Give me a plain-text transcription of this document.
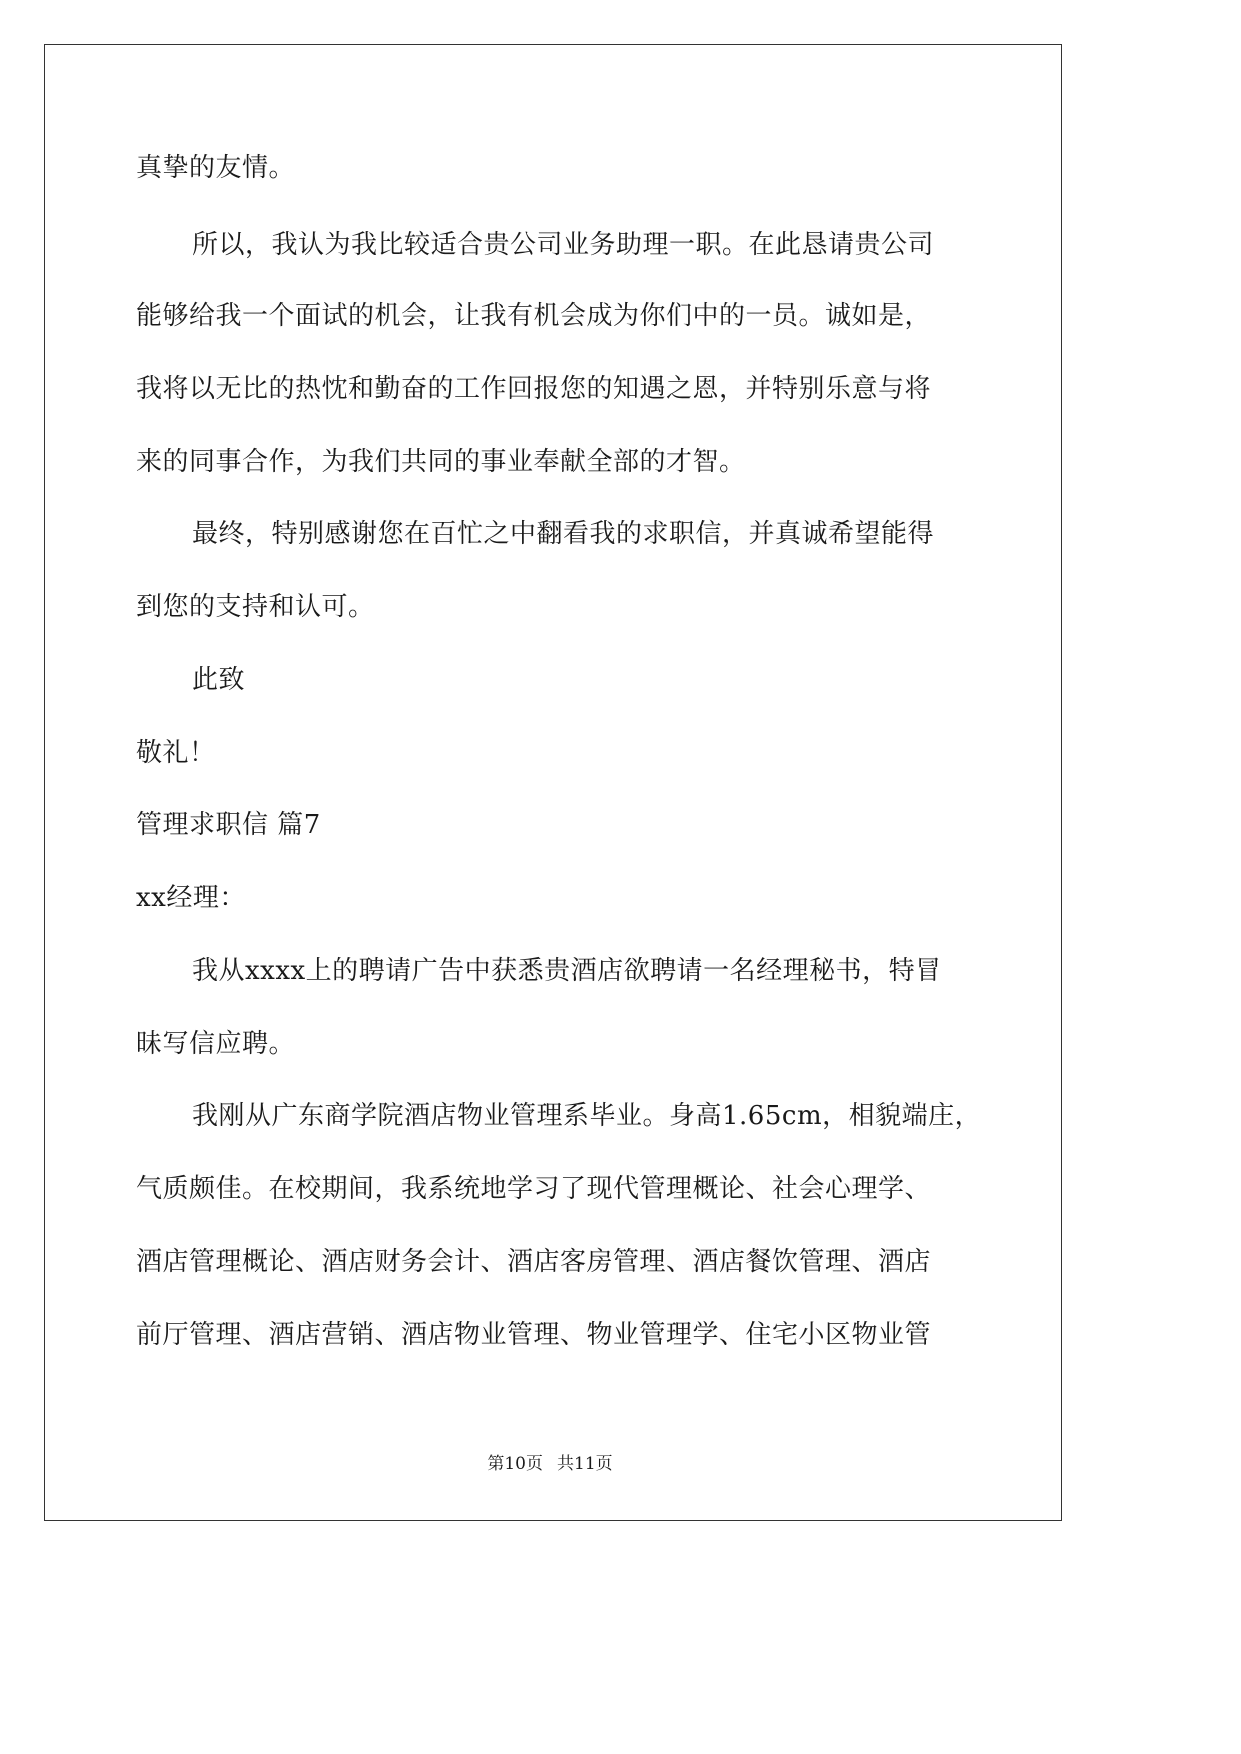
真挚的友情。
所以，我认为我比较适合贵公司业务助理一职。在此恳请贵公司
能够给我一个面试的机会，让我有机会成为你们中的一员。诚如是，
我将以无比的热忱和勤奋的工作回报您的知遇之恩，并特别乐意与将
来的同事合作，为我们共同的事业奉献全部的才智。
最终，特别感谢您在百忙之中翻看我的求职信，并真诚希望能得
到您的支持和认可。
此致
敬礼！
管理求职信 篇7
xx经理：
我从xxxx上的聘请广告中获悉贵酒店欲聘请一名经理秘书，特冒
昧写信应聘。
我刚从广东商学院酒店物业管理系毕业。身高1.65cm，相貌端庄，
气质颇佳。在校期间，我系统地学习了现代管理概论、社会心理学、
酒店管理概论、酒店财务会计、酒店客房管理、酒店餐饮管理、酒店
前厅管理、酒店营销、酒店物业管理、物业管理学、住宅小区物业管
第10页 共11页
